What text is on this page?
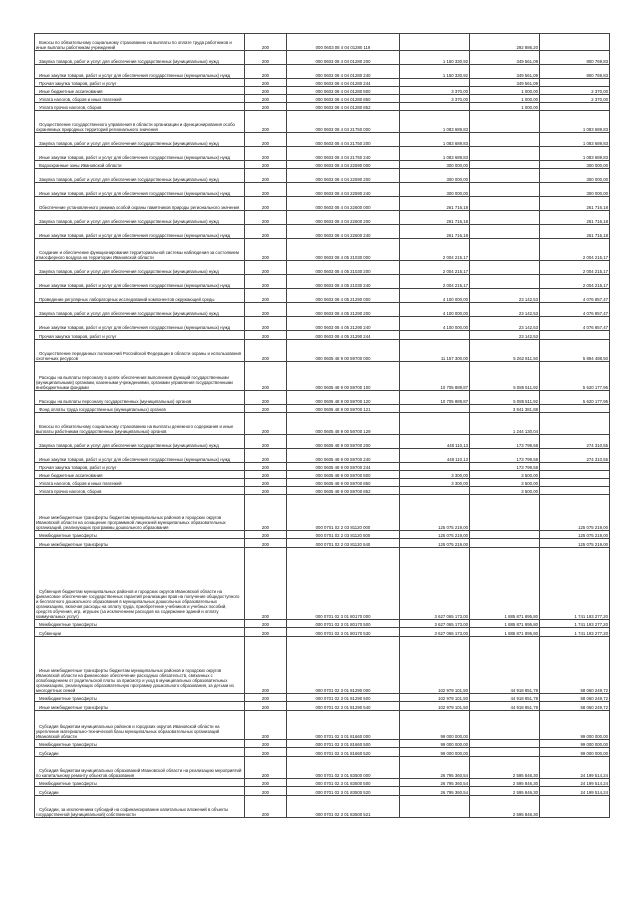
Взносы по обязательному социальному страхованию на выплаты по оплате труда работников и иные выплаты работникам учреждений	200	000 0603 08 4 04 01280 119		292 886,20	
Закупка товаров, работ и услуг для обеспечения государственных (муниципальных) нужд	200	000 0603 08 4 04 01280 200	1 150 330,92	349 561,09	800 769,83
Иные закупки товаров, работ и услуг для обеспечения государственных (муниципальных) нужд	200	000 0603 08 4 04 01280 240	1 150 330,92	349 561,09	800 769,83
Прочая закупка товаров, работ и услуг	200	000 0603 08 4 04 01280 244		349 561,09	
Иные бюджетные ассигнования	200	000 0603 08 4 04 01280 800	3 370,00	1 000,00	2 370,00
Уплата налогов, сборов и иных платежей	200	000 0603 08 4 04 01280 850	3 370,00	1 000,00	2 370,00
Уплата прочих налогов, сборов	200	000 0603 08 4 04 01280 852		1 000,00	
Осуществление государственного управления в области организации и функционирования особо охраняемых природных территорий регионального значения	200	000 0603 08 4 04 21750 000	1 083 689,83		1 083 689,83
Закупка товаров, работ и услуг для обеспечения государственных (муниципальных) нужд	200	000 0603 08 4 04 21750 200	1 083 689,83		1 083 689,83
Иные закупки товаров, работ и услуг для обеспечения государственных (муниципальных) нужд	200	000 0603 08 4 04 21750 240	1 083 689,83		1 083 689,83
Водоохранные зоны Ивановской области	200	000 0603 08 4 04 22590 000	300 000,00		300 000,00
Закупка товаров, работ и услуг для обеспечения государственных (муниципальных) нужд	200	000 0603 08 4 04 22590 200	300 000,00		300 000,00
Иные закупки товаров, работ и услуг для обеспечения государственных (муниципальных) нужд	200	000 0603 08 4 04 22590 240	300 000,00		300 000,00
Обеспечение установленного режима особой охраны памятников природы регионального значения	200	000 0603 08 4 04 22600 000	261 716,18		261 716,18
Закупка товаров, работ и услуг для обеспечения государственных (муниципальных) нужд	200	000 0603 08 4 04 22600 200	261 716,18		261 716,18
Иные закупки товаров, работ и услуг для обеспечения государственных (муниципальных) нужд	200	000 0603 08 4 04 22600 240	261 716,18		261 716,18
Создание и обеспечение функционирования территориальной системы наблюдения за состоянием атмосферного воздуха на территории Ивановской области	200	000 0603 08 4 05 21030 000	2 004 215,17		2 004 215,17
Закупка товаров, работ и услуг для обеспечения государственных (муниципальных) нужд	200	000 0603 08 4 05 21030 200	2 004 215,17		2 004 215,17
Иные закупки товаров, работ и услуг для обеспечения государственных (муниципальных) нужд	200	000 0603 08 4 05 21030 240	2 004 215,17		2 004 215,17
Проведение регулярных лабораторных исследований компонентов окружающей среды	200	000 0603 08 4 05 21290 000	4 100 000,00	23 142,53	4 076 857,47
Закупка товаров, работ и услуг для обеспечения государственных (муниципальных) нужд	200	000 0603 08 4 05 21290 200	4 100 000,00	23 142,53	4 076 857,47
Иные закупки товаров, работ и услуг для обеспечения государственных (муниципальных) нужд	200	000 0603 08 4 05 21290 240	4 100 000,00	23 142,53	4 076 857,47
Прочая закупка товаров, работ и услуг	200	000 0603 08 4 05 21290 244		23 142,53	
Осуществление переданных полномочий Российской Федерации в области охраны и использования охотничьих ресурсов	200	000 0605 48 9 00 59700 000	11 157 300,00	5 262 811,50	5 894 488,50
Расходы на выплаты персоналу в целях обеспечения выполнения функций государственными (муниципальными) органами, казенными учреждениями, органами управления государственными внебюджетными фондами	200	000 0605 48 9 00 59700 100	10 705 889,87	5 085 511,92	5 620 177,95
Расходы на выплаты персоналу государственных (муниципальных) органов	200	000 0605 48 9 00 59700 120	10 705 889,87	5 085 511,92	5 620 177,95
Фонд оплаты труда государственных (муниципальных) органов	200	000 0605 48 9 00 59700 121		3 841 381,88	
Взносы по обязательному социальному страхованию на выплаты денежного содержания и иные выплаты работникам государственных (муниципальных) органов	200	000 0605 48 9 00 59700 129		1 244 130,04	
Закупка товаров, работ и услуг для обеспечения государственных (муниципальных) нужд	200	000 0605 48 9 00 59700 200	448 110,13	173 799,58	274 310,55
Иные закупки товаров, работ и услуг для обеспечения государственных (муниципальных) нужд	200	000 0605 48 9 00 59700 240	448 110,13	173 799,58	274 310,55
Прочая закупка товаров, работ и услуг	200	000 0605 48 9 00 59700 244		173 799,58	
Иные бюджетные ассигнования	200	000 0605 48 9 00 59700 800	3 300,00	3 500,00	
Уплата налогов, сборов и иных платежей	200	000 0605 48 9 00 59700 850	3 300,00	3 500,00	
Уплата прочих налогов, сборов	200	000 0605 48 9 00 59700 852		3 500,00	
Иные межбюджетные трансферты бюджетам муниципальных районов и городских округов Ивановской области на оснащение программной лицензией муниципальных образовательных организаций, реализующих программы дошкольного образования	200	000 0701 02 2 03 81120 000	125 075 219,00		125 075 219,00
Межбюджетные трансферты	200	000 0701 02 2 03 81120 500	125 075 219,00		125 075 219,00
Иные межбюджетные трансферты	200	000 0701 02 2 03 81120 540	125 075 219,00		125 075 219,00
Субвенция бюджетам муниципальных районов и городских округов Ивановской области на финансовое обеспечение государственных гарантий реализации прав на получение общедоступного и бесплатного дошкольного образования в муниципальных дошкольных образовательных организациях, включая расходы на оплату труда, приобретение учебников и учебных пособий, средств обучения, игр, игрушек (за исключением расходов на содержание зданий и оплату коммунальных услуг)	200	000 0701 02 3 01 80170 000	3 627 065 173,00	1 885 871 895,80	1 741 193 277,20
Межбюджетные трансферты	200	000 0701 02 3 01 80170 500	3 627 065 173,00	1 885 871 895,80	1 741 193 277,20
Субвенции	200	000 0701 02 3 01 80170 530	3 627 065 173,00	1 885 871 895,80	1 741 193 277,20
Иные межбюджетные трансферты бюджетам муниципальных районов и городских округов Ивановской области на финансовое обеспечение расходных обязательств, связанных с освобождением от родительской платы за присмотр и уход в муниципальных образовательных организациях, реализующих образовательную программу дошкольного образования, за детьми из многодетных семей	200	000 0701 02 3 01 81290 000	102 979 101,50	44 918 851,78	58 060 249,72
Межбюджетные трансферты	200	000 0701 02 3 01 81290 500	102 979 101,50	44 918 851,78	58 060 249,72
Иные межбюджетные трансферты	200	000 0701 02 3 01 81290 540	102 979 101,50	44 918 851,78	58 060 249,72
Субсидия бюджетам муниципальных районов и городских округов Ивановской области на укрепление материально-технической базы муниципальных образовательных организаций Ивановской области	200	000 0701 02 3 01 81660 000	99 000 000,00		99 000 000,00
Межбюджетные трансферты	200	000 0701 02 3 01 81660 500	99 000 000,00		99 000 000,00
Субсидии	200	000 0701 02 3 01 81660 520	99 000 000,00		99 000 000,00
Субсидия бюджетам муниципальных образований Ивановской области на реализацию мероприятий по капитальному ремонту объектов образования	200	000 0701 02 3 01 83500 000	26 795 360,54	2 595 846,30	24 199 514,24
Межбюджетные трансферты	200	000 0701 02 3 01 83500 500	26 795 360,54	2 595 846,30	24 199 514,24
Субсидии	200	000 0701 02 3 01 83500 520	26 795 360,54	2 595 846,30	24 199 514,24
Субсидии, за исключением субсидий на софинансирование капитальных вложений в объекты государственной (муниципальной) собственности	200	000 0701 02 3 01 83500 521		2 595 846,30	
